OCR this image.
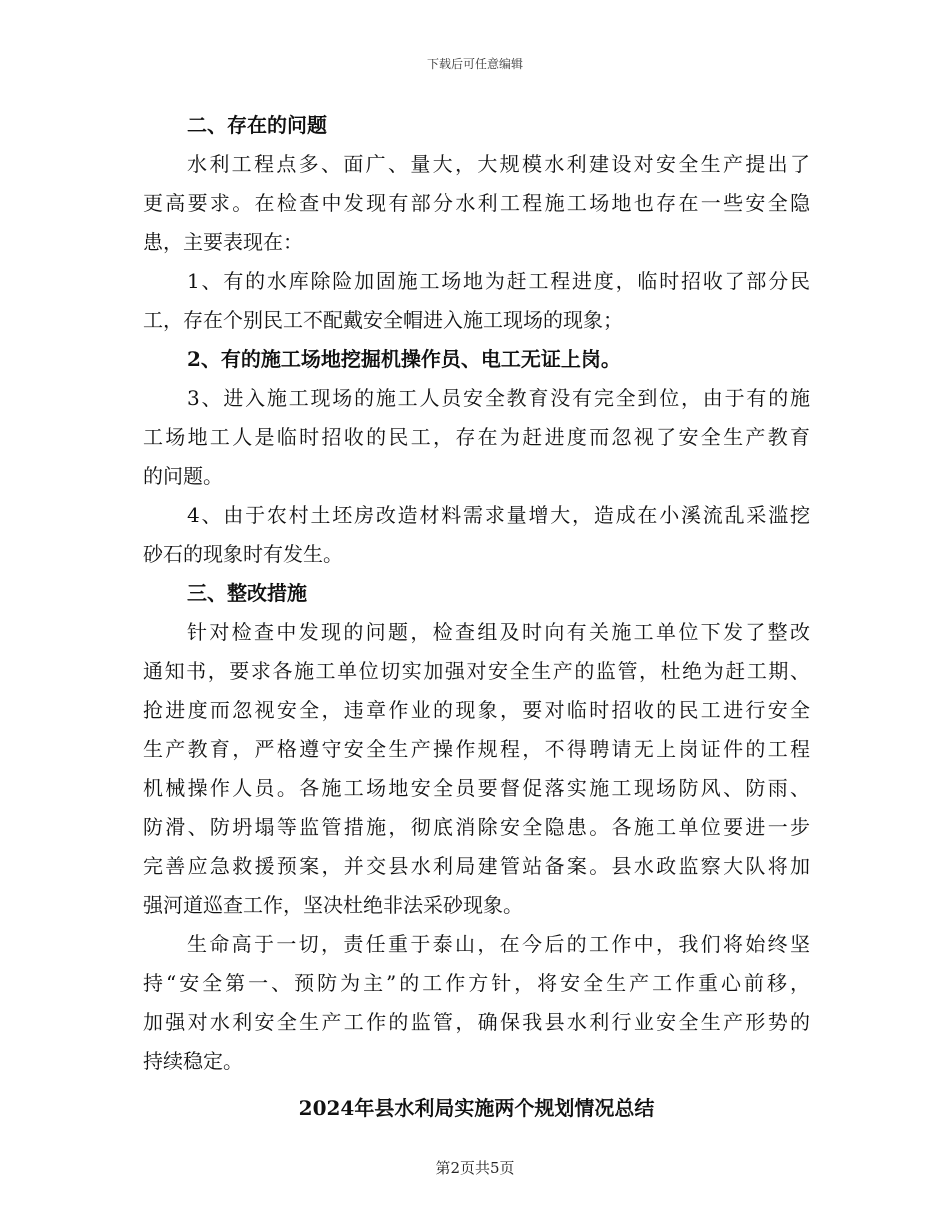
下载后可任意编辑
二、存在的问题
水利工程点多、面广、量大，大规模水利建设对安全生产提出了
更高要求。在检查中发现有部分水利工程施工场地也存在一些安全隐
患，主要表现在：
1、有的水库除险加固施工场地为赶工程进度，临时招收了部分民
工，存在个别民工不配戴安全帽进入施工现场的现象；
2、有的施工场地挖掘机操作员、电工无证上岗。
3、进入施工现场的施工人员安全教育没有完全到位，由于有的施
工场地工人是临时招收的民工，存在为赶进度而忽视了安全生产教育
的问题。
4、由于农村土坯房改造材料需求量增大，造成在小溪流乱采滥挖
砂石的现象时有发生。
三、整改措施
针对检查中发现的问题，检查组及时向有关施工单位下发了整改
通知书，要求各施工单位切实加强对安全生产的监管，杜绝为赶工期、
抢进度而忽视安全，违章作业的现象，要对临时招收的民工进行安全
生产教育，严格遵守安全生产操作规程，不得聘请无上岗证件的工程
机械操作人员。各施工场地安全员要督促落实施工现场防风、防雨、
防滑、防坍塌等监管措施，彻底消除安全隐患。各施工单位要进一步
完善应急救援预案，并交县水利局建管站备案。县水政监察大队将加
强河道巡查工作，坚决杜绝非法采砂现象。
生命高于一切，责任重于泰山，在今后的工作中，我们将始终坚
持“安全第一、预防为主”的工作方针，将安全生产工作重心前移，
加强对水利安全生产工作的监管，确保我县水利行业安全生产形势的
持续稳定。
2024年县水利局实施两个规划情况总结
第2页共5页
